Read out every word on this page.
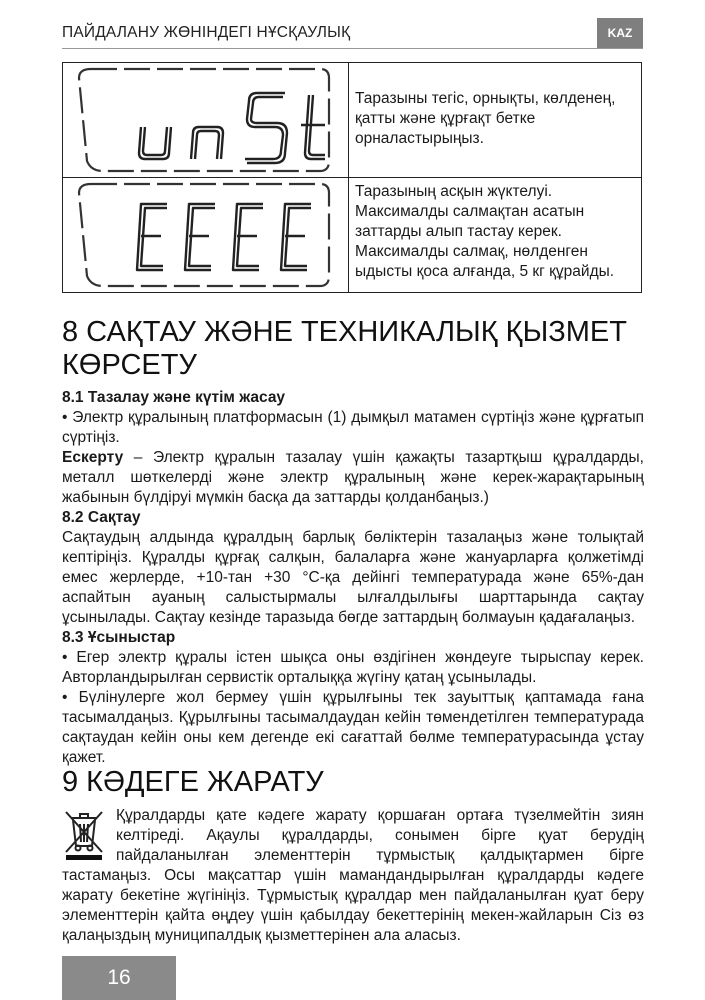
ПАЙДАЛАНУ ЖӨНІНДЕГІ НҰСҚАУЛЫҚ	KAZ
	Таразыны тегіс, орнықты, көлденең, қатты және құрғақт бетке орналастырыңыз.

	Таразының асқын жүктелуі. Максималды салмақтан асатын заттарды алып тастау керек. Максималды салмақ, нөлденген ыдысты қоса алғанда, 5 кг құрайды.
8 САҚТАУ ЖӘНЕ ТЕХНИКАЛЫҚ ҚЫЗМЕТ КӨРСЕТУ

8.1 Тазалау және күтім жасау

• Электр құралының платформасын (1) дымқыл матамен сүртіңіз және құрғатып сүртіңіз.

Ескерту – Электр құралын тазалау үшін қажақты тазартқыш құралдарды, металл шөткелерді және электр құралының және керек-жарақтарының жабынын бүлдіруі мүмкін басқа да заттарды қолданбаңыз.)

8.2 Сақтау

Сақтаудың алдында құралдың барлық бөліктерін тазалаңыз және толықтай кептіріңіз. Құралды құрғақ салқын, балаларға және жануарларға қолжетімді емес жерлерде, +10-тан +30 °С-қа дейінгі температурада және 65%-дан аспайтын ауаның салыстырмалы ылғалдылығы шарттарында сақтау ұсынылады. Сақтау кезінде таразыда бөгде заттардың болмауын қадағалаңыз.

8.3 Ұсыныстар

• Егер электр құралы істен шықса оны өздігінен жөндеуге тырыспау керек. Авторландырылған сервистік орталыққа жүгіну қатаң ұсынылады.

• Бүлінулерге жол бермеу үшін құрылғыны тек зауыттық қаптамада ғана тасымалдаңыз. Құрылғыны тасымалдаудан кейін төмендетілген температурада сақтаудан кейін оны кем дегенде екі сағаттай бөлме температурасында ұстау қажет.

9 КӘДЕГЕ ЖАРАТУ

Құралдарды қате кәдеге жарату қоршаған ортаға түзелмейтін зиян келтіреді. Ақаулы құралдарды, сонымен бірге қуат берудің пайдаланылған элементтерін тұрмыстық қалдықтармен бірге тастамаңыз. Осы мақсаттар үшін мамандандырылған құралдарды кәдеге жарату бекетіне жүгініңіз. Тұрмыстық құралдар мен пайдаланылған қуат беру элементтерін қайта өңдеу үшін қабылдау бекеттерінің мекен-жайларын Сіз өз қалаңыздың муниципалдық қызметтерінен ала аласыз.

16
